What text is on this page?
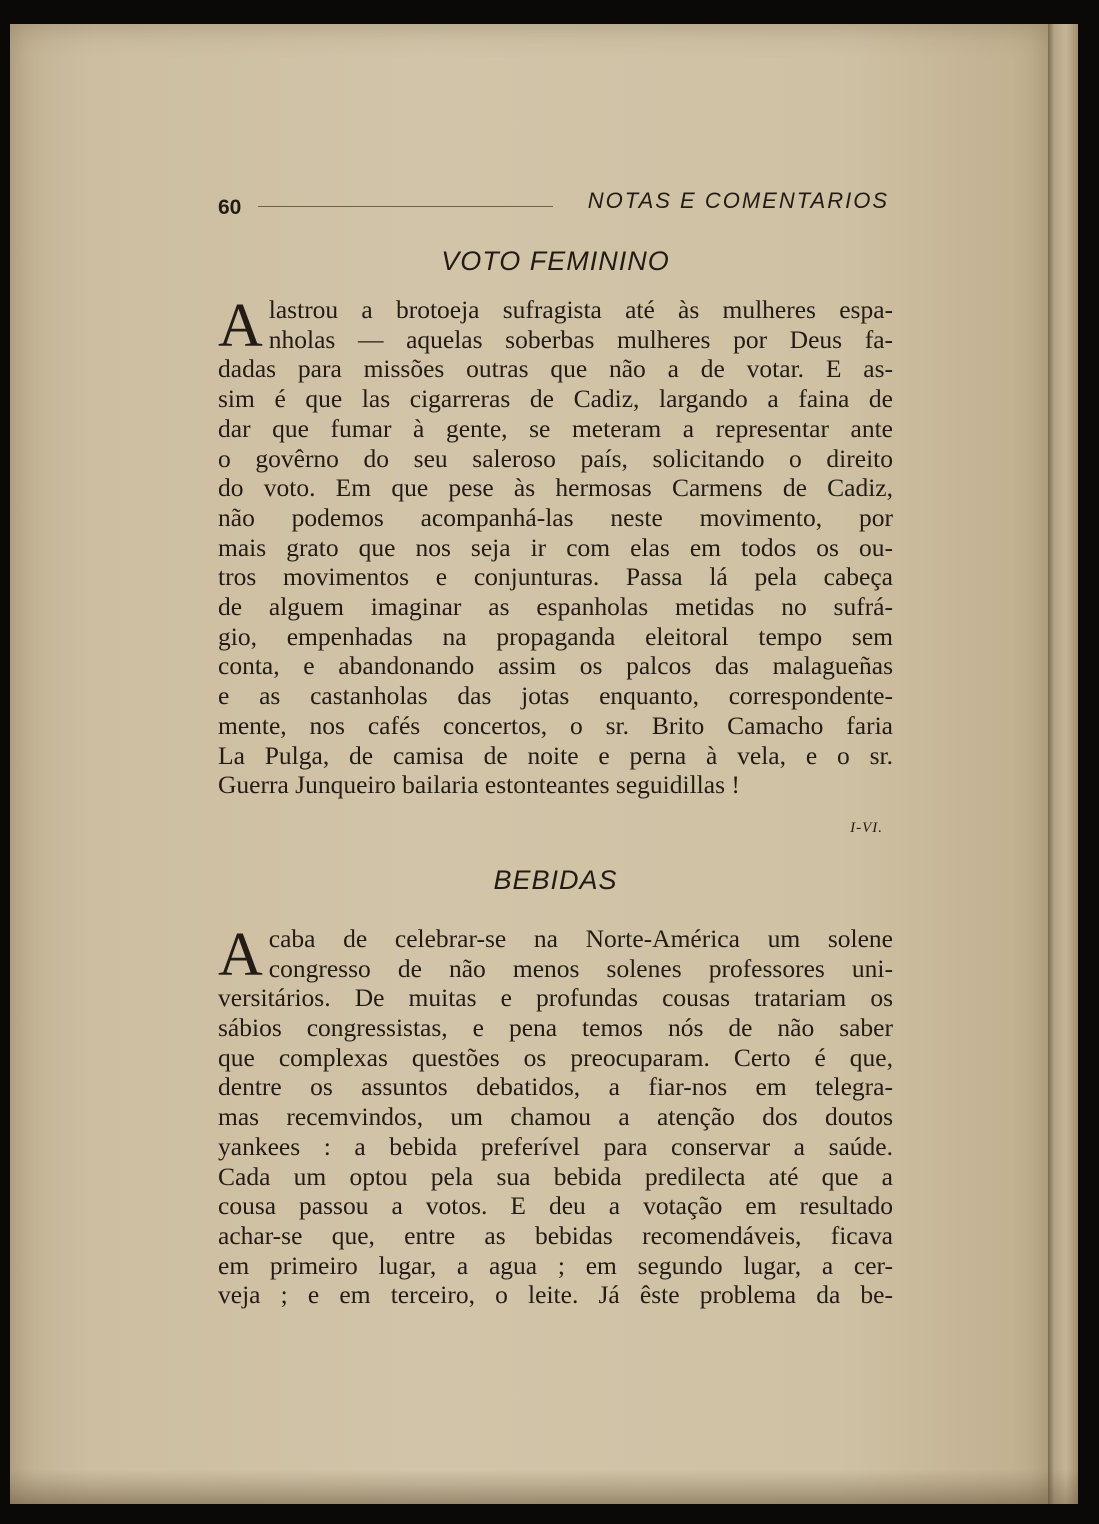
60	NOTAS E COMENTARIOS
VOTO FEMININO

A lastrou a brotoeja sufragista até às mulheres espa-
nholas — aquelas soberbas mulheres por Deus fa-
dadas para missões outras que não a de votar. E as-
sim é que las cigarreras de Cadiz, largando a faina de
dar que fumar à gente, se meteram a representar ante
o govêrno do seu saleroso país, solicitando o direito
do voto. Em que pese às hermosas Carmens de Cadiz,
não podemos acompanhá-las neste movimento, por
mais grato que nos seja ir com elas em todos os ou-
tros movimentos e conjunturas. Passa lá pela cabeça
de alguem imaginar as espanholas metidas no sufrá-
gio, empenhadas na propaganda eleitoral tempo sem
conta, e abandonando assim os palcos das malagueñas
e as castanholas das jotas enquanto, correspondente-
mente, nos cafés concertos, o sr. Brito Camacho faria
La Pulga, de camisa de noite e perna à vela, e o sr.
Guerra Junqueiro bailaria estonteantes seguidillas !

I-VI.
BEBIDAS

A caba de celebrar-se na Norte-América um solene
congresso de não menos solenes professores uni-
versitários. De muitas e profundas cousas tratariam os
sábios congressistas, e pena temos nós de não saber
que complexas questões os preocuparam. Certo é que,
dentre os assuntos debatidos, a fiar-nos em telegra-
mas recemvindos, um chamou a atenção dos doutos
yankees : a bebida preferível para conservar a saúde.
Cada um optou pela sua bebida predilecta até que a
cousa passou a votos. E deu a votação em resultado
achar-se que, entre as bebidas recomendáveis, ficava
em primeiro lugar, a agua ; em segundo lugar, a cer-
veja ; e em terceiro, o leite. Já êste problema da be-
